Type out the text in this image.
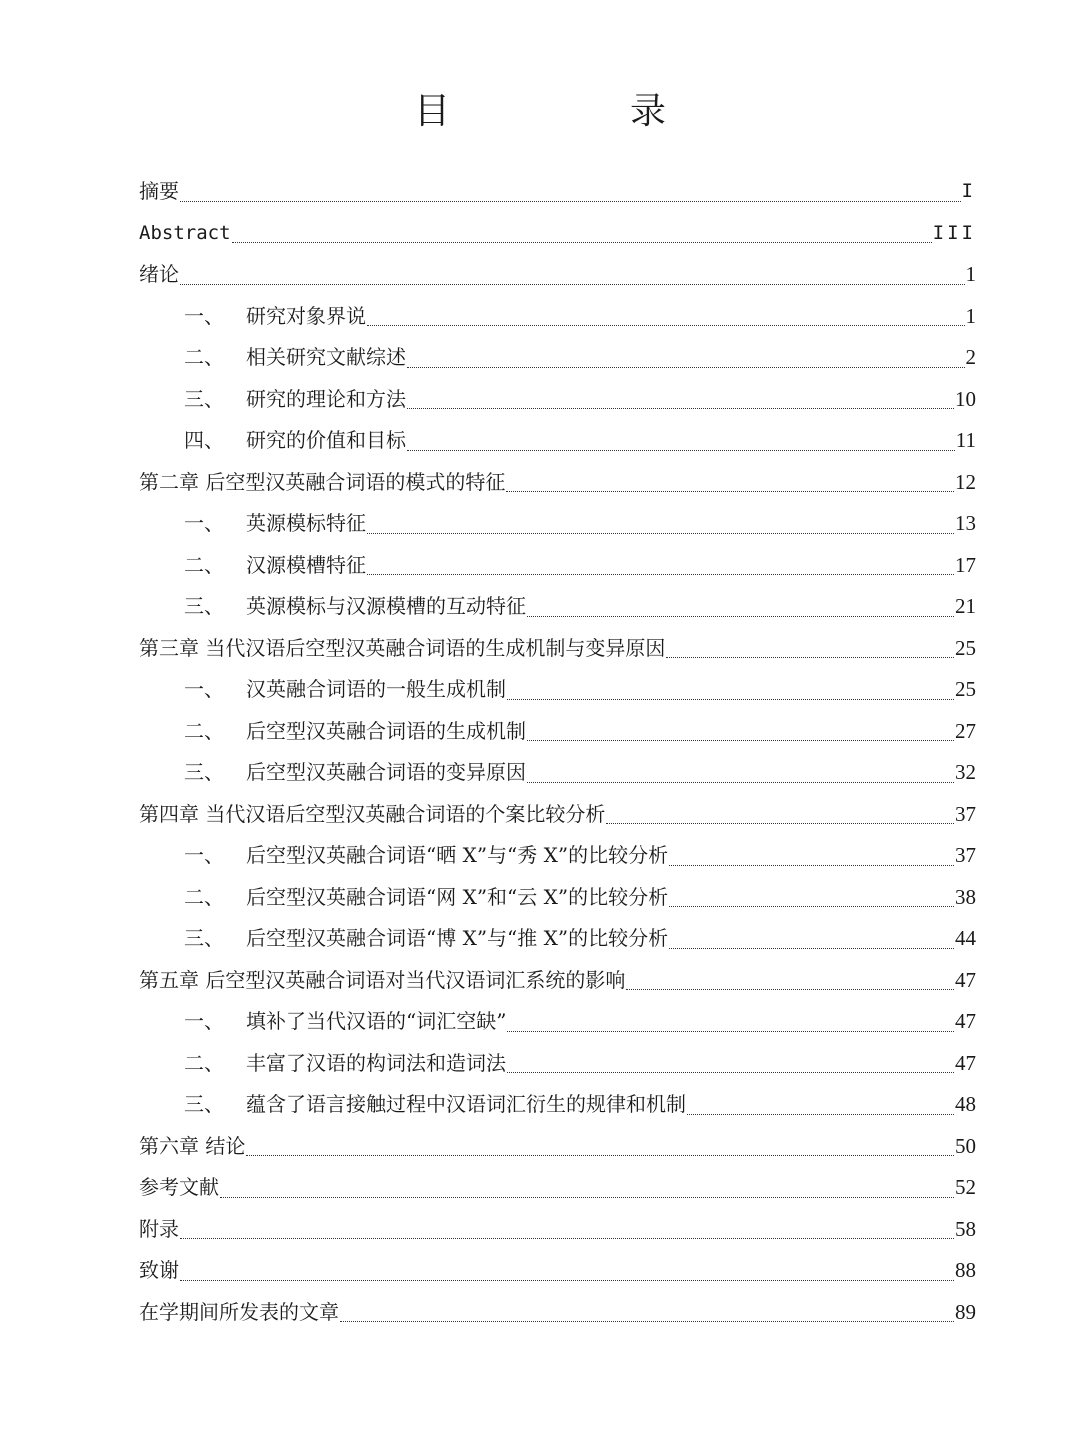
目　录
摘要	I
Abstract	III
绪论	1
一、	研究对象界说	1
二、	相关研究文献综述	2
三、	研究的理论和方法	10
四、	研究的价值和目标	11
第二章 后空型汉英融合词语的模式的特征	12
一、	英源模标特征	13
二、	汉源模槽特征	17
三、	英源模标与汉源模槽的互动特征	21
第三章 当代汉语后空型汉英融合词语的生成机制与变异原因	25
一、	汉英融合词语的一般生成机制	25
二、	后空型汉英融合词语的生成机制	27
三、	后空型汉英融合词语的变异原因	32
第四章 当代汉语后空型汉英融合词语的个案比较分析	37
一、	后空型汉英融合词语“晒 X”与“秀 X”的比较分析	37
二、	后空型汉英融合词语“网 X”和“云 X”的比较分析	38
三、	后空型汉英融合词语“博 X”与“推 X”的比较分析	44
第五章 后空型汉英融合词语对当代汉语词汇系统的影响	47
一、	填补了当代汉语的“词汇空缺”	47
二、	丰富了汉语的构词法和造词法	47
三、	蕴含了语言接触过程中汉语词汇衍生的规律和机制	48
第六章 结论	50
参考文献	52
附录	58
致谢	88
在学期间所发表的文章	89
